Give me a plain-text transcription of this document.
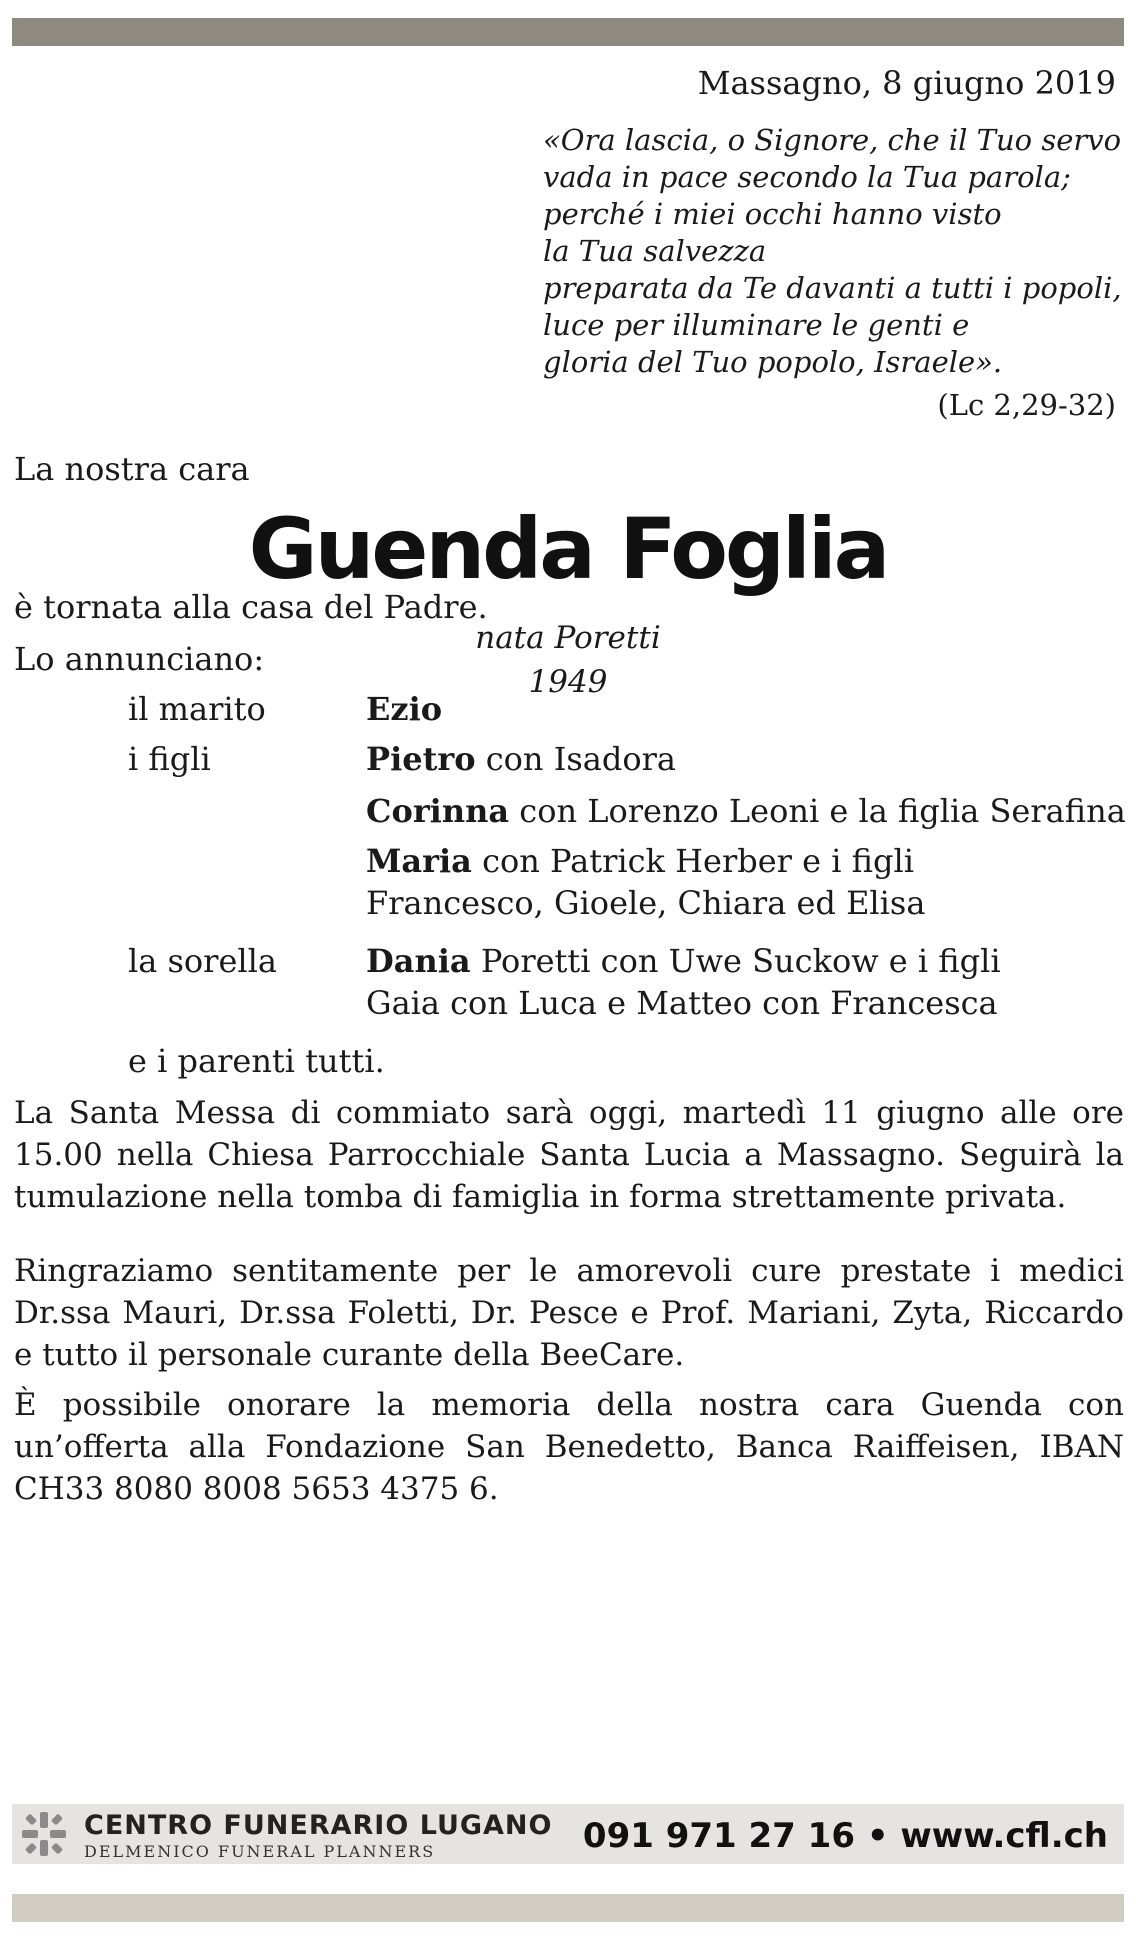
Massagno, 8 giugno 2019
«Ora lascia, o Signore, che il Tuo servo
vada in pace secondo la Tua parola;
perché i miei occhi hanno visto
la Tua salvezza
preparata da Te davanti a tutti i popoli,
luce per illuminare le genti e
gloria del Tuo popolo, Israele».
(Lc 2,29-32)
La nostra cara
Guenda Foglia
nata Poretti
1949
è tornata alla casa del Padre.
Lo annunciano:
il marito	Ezio
i figli	Pietro con Isadora
Corinna con Lorenzo Leoni e la figlia Serafina
Maria con Patrick Herber e i figli
Francesco, Gioele, Chiara ed Elisa
la sorella	Dania Poretti con Uwe Suckow e i figli
Gaia con Luca e Matteo con Francesca
e i parenti tutti.
La Santa Messa di commiato sarà oggi, martedì 11 giugno alle ore 15.00 nella Chiesa Parrocchiale Santa Lucia a Massagno. Seguirà la tumulazione nella tomba di famiglia in forma strettamente privata.
Ringraziamo sentitamente per le amorevoli cure prestate i medici Dr.ssa Mauri, Dr.ssa Foletti, Dr. Pesce e Prof. Mariani, Zyta, Riccardo e tutto il personale curante della BeeCare.
È possibile onorare la memoria della nostra cara Guenda con un’offerta alla Fondazione San Benedetto, Banca Raiffeisen, IBAN CH33 8080 8008 5653 4375 6.
CENTRO FUNERARIO LUGANO
DELMENICO FUNERAL PLANNERS	091 971 27 16 • www.cfl.ch
